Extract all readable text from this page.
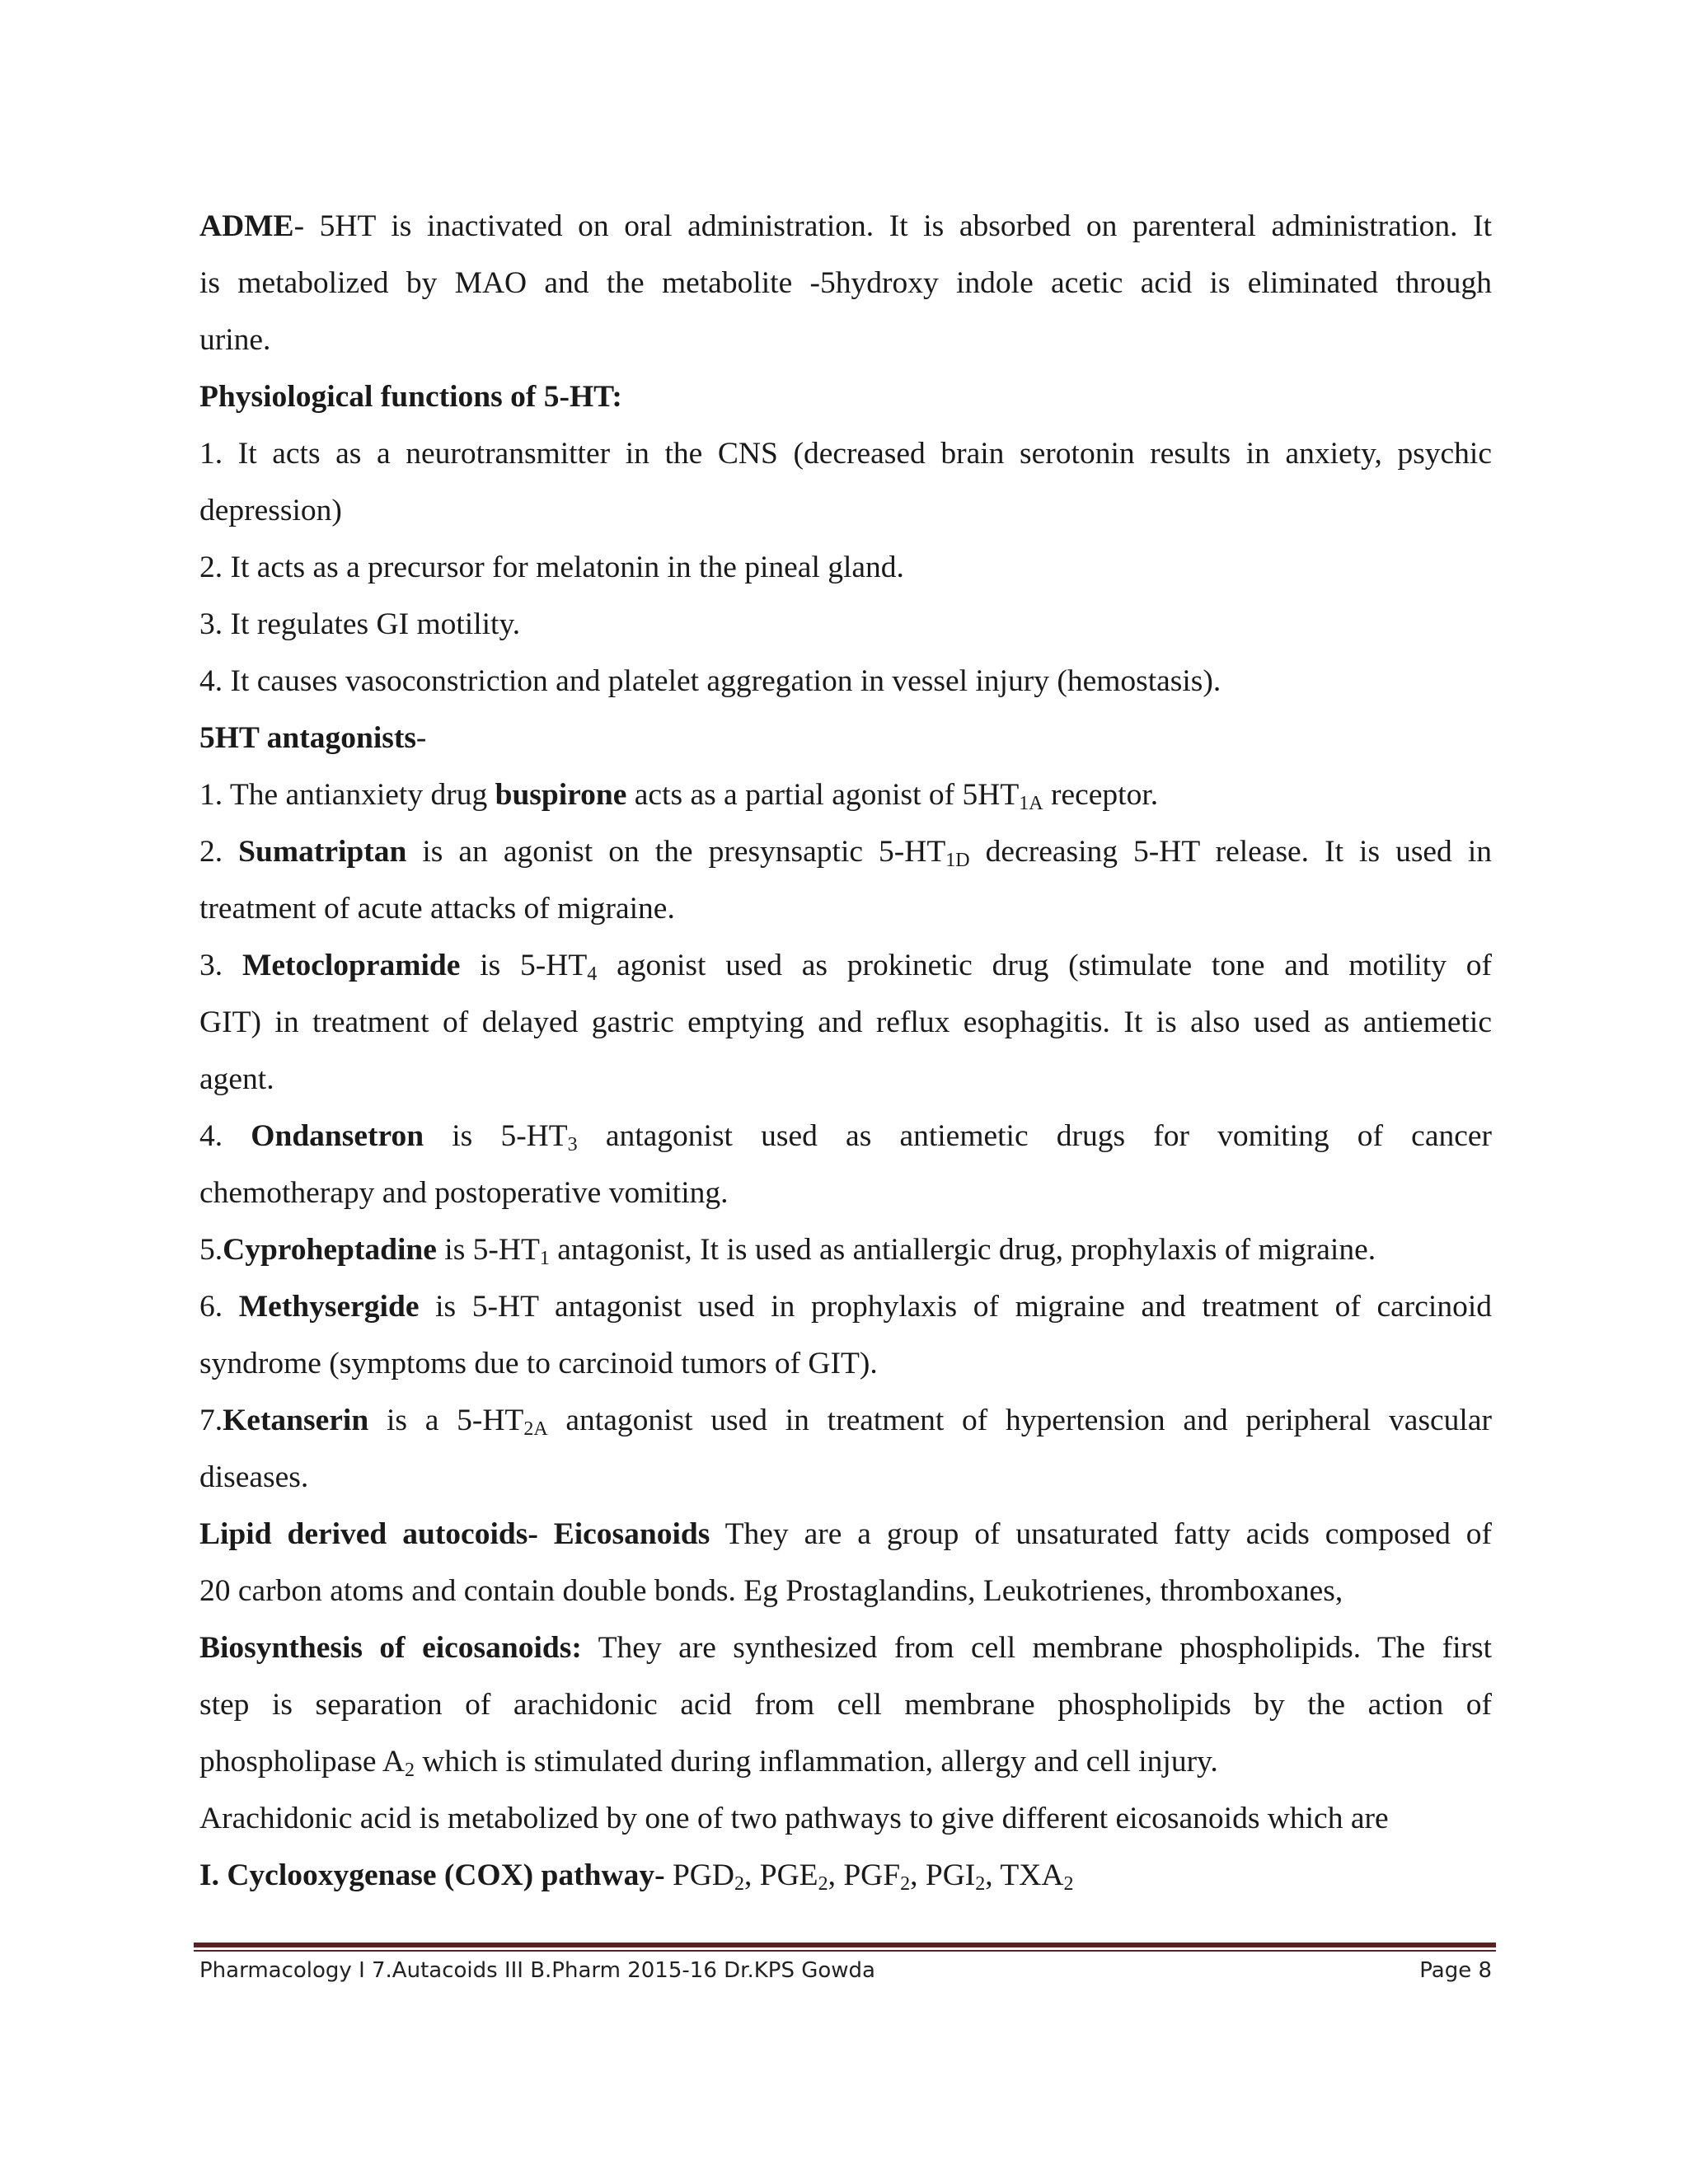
ADME- 5HT is inactivated on oral administration. It is absorbed on parenteral administration. It

is metabolized by MAO and the metabolite -5hydroxy indole acetic acid is eliminated through

urine.

Physiological functions of 5-HT:

1. It acts as a neurotransmitter in the CNS (decreased brain serotonin results in anxiety, psychic

depression)

2. It acts as a precursor for melatonin in the pineal gland.

3. It regulates GI motility.

4. It causes vasoconstriction and platelet aggregation in vessel injury (hemostasis).

5HT antagonists-

1. The antianxiety drug buspirone acts as a partial agonist of $5HT_{1A}$ receptor.

2. Sumatriptan is an agonist on the presynsaptic $5-HT_{1D}$ decreasing 5-HT release. It is used in

treatment of acute attacks of migraine.

3. Metoclopramide is $5-HT_4$ agonist used as prokinetic drug (stimulate tone and motility of

GIT) in treatment of delayed gastric emptying and reflux esophagitis. It is also used as antiemetic

agent.

4. Ondansetron is $5-HT_3$ antagonist used as antiemetic drugs for vomiting of cancer

chemotherapy and postoperative vomiting.

5.Cyproheptadine is $5-HT_1$ antagonist, It is used as antiallergic drug, prophylaxis of migraine.

6. Methysergide is 5-HT antagonist used in prophylaxis of migraine and treatment of carcinoid

syndrome (symptoms due to carcinoid tumors of GIT).

7.Ketanserin is a $5-HT_{2A}$ antagonist used in treatment of hypertension and peripheral vascular

diseases.

Lipid derived autocoids- Eicosanoids They are a group of unsaturated fatty acids composed of

20 carbon atoms and contain double bonds. Eg Prostaglandins, Leukotrienes, thromboxanes,

Biosynthesis of eicosanoids: They are synthesized from cell membrane phospholipids. The first

step is separation of arachidonic acid from cell membrane phospholipids by the action of

phospholipase $A_2$ which is stimulated during inflammation, allergy and cell injury.

Arachidonic acid is metabolized by one of two pathways to give different eicosanoids which are

I. Cyclooxygenase (COX) pathway- $PGD_2$, $PGE_2$, $PGF_2$, $PGI_2$, $TXA_2$

Pharmacology I 7.Autacoids III B.Pharm 2015-16 Dr.KPS Gowda	Page 8
